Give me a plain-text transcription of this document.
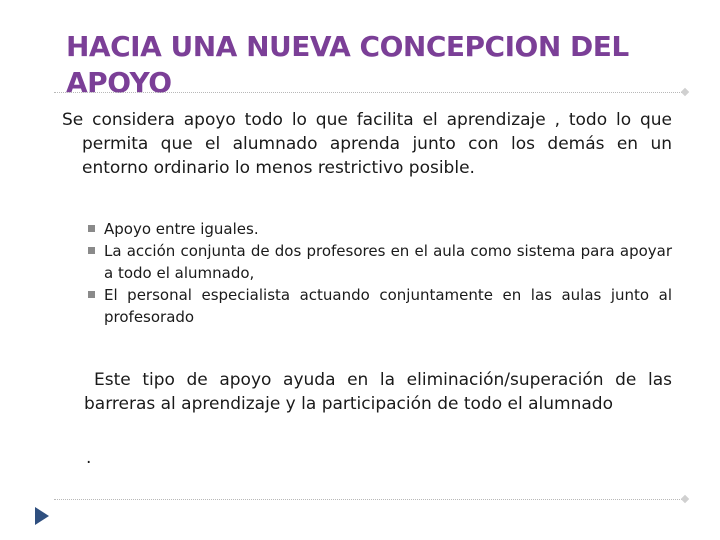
HACIA UNA NUEVA CONCEPCION DEL APOYO

Se considera apoyo todo lo que facilita el aprendizaje , todo lo que permita que el alumnado aprenda junto con los demás en un entorno ordinario lo menos restrictivo posible.

Apoyo entre iguales.
La acción conjunta de dos profesores en el aula como sistema para apoyar a todo el alumnado,
El personal especialista actuando conjuntamente en las aulas junto al profesorado

Este tipo de apoyo ayuda en la eliminación/superación de las barreras al aprendizaje y la participación de todo el alumnado

.
